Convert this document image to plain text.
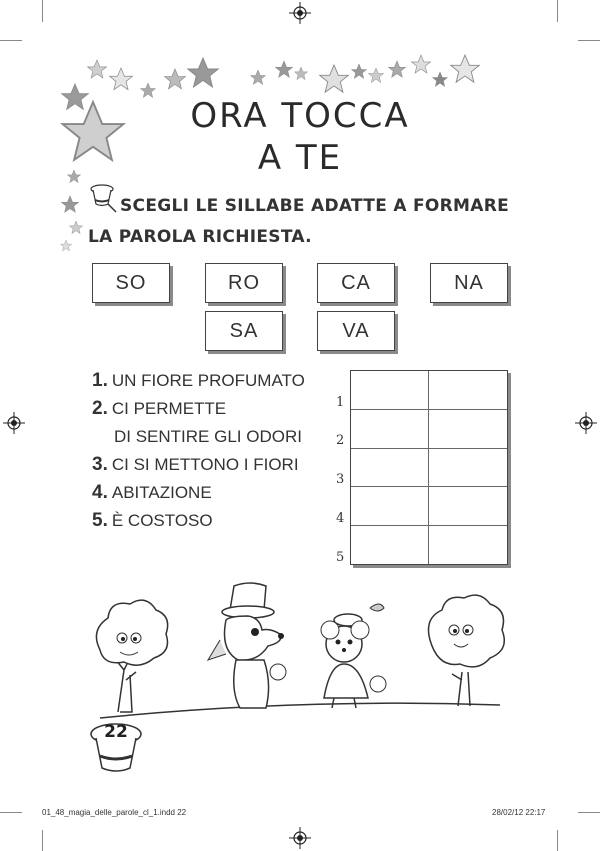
ORA TOCCA
A TE
SCEGLI LE SILLABE ADATTE A FORMARE
LA PAROLA RICHIESTA.
SO	RO	CA	NA
SA	VA
1. UN FIORE PROFUMATO
2. CI PERMETTE
DI SENTIRE GLI ODORI
3. CI SI METTONO I FIORI
4. ABITAZIONE
5. È COSTOSO
1
2
3
4
5
22
01_48_magia_delle_parole_cl_1.indd 22	28/02/12 22:17
